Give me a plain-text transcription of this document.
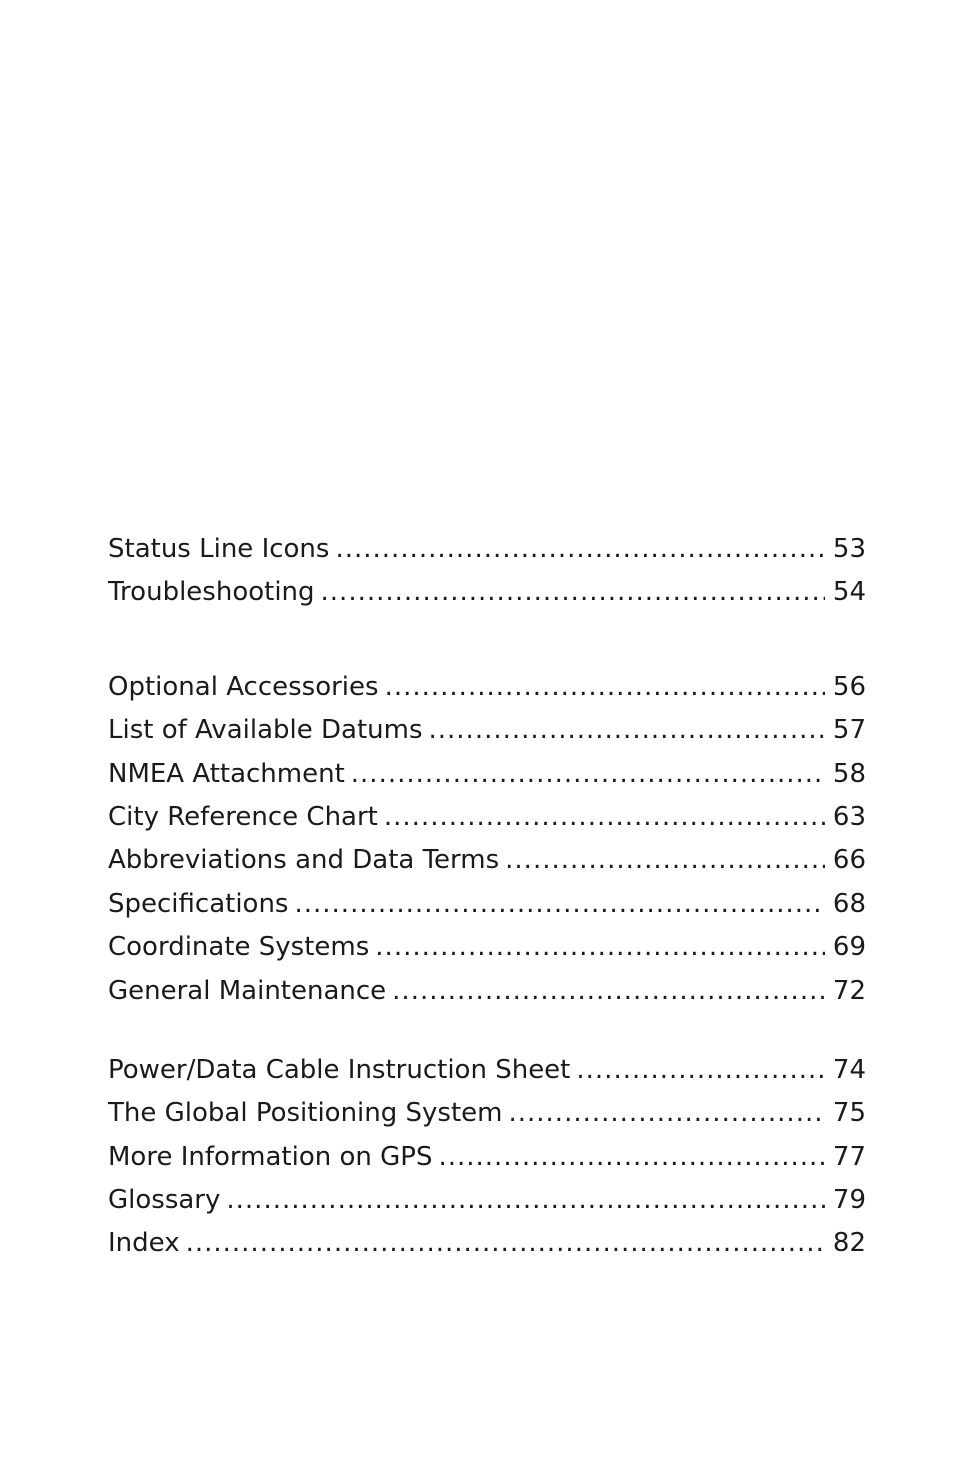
Status Line Icons .....	53
Troubleshooting .....	54
Optional Accessories .....	56
List of Available Datums .....	57
NMEA Attachment .....	58
City Reference Chart .....	63
Abbreviations and Data Terms .....	66
Specifications .....	68
Coordinate Systems .....	69
General Maintenance .....	72
Power/Data Cable Instruction Sheet .....	74
The Global Positioning System .....	75
More Information on GPS .....	77
Glossary .....	79
Index .....	82
